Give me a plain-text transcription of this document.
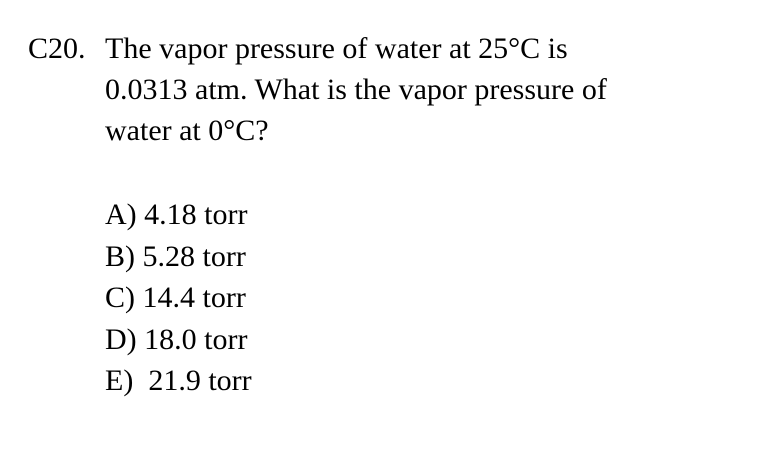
C20. The vapor pressure of water at 25°C is
0.0313 atm. What is the vapor pressure of
water at 0°C?
A) 4.18 torr
B) 5.28 torr
C) 14.4 torr
D) 18.0 torr
E)  21.9 torr
